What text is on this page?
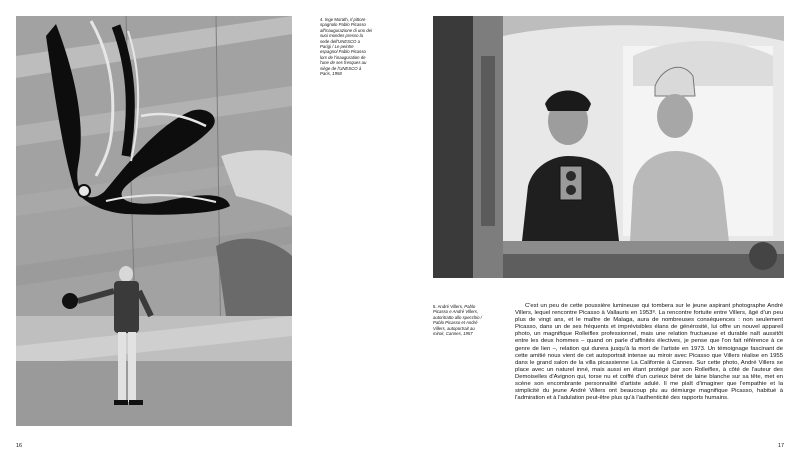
4. Inge Morath, Il pittore spagnolo Pablo Picasso all'inaugurazione di uno dei suoi mondes presso la sede dell'UNESCO a Parigi / Le peintre espagnol Pablo Picasso lors de l'inauguration de l'une de ses fresques au siège de l'UNESCO à Paris, 1958
5. André Villers, Pablo Picasso e André Villers, autoritratto allo specchio / Pablo Picasso et André Villers, autoportrait au miroir, Cannes, 1957

C'est un peu de cette poussière lumineuse qui tombera sur le jeune aspirant photographe André Villers, lequel rencontre Picasso à Vallauris en 1953⁸. La rencontre fortuite entre Villers, âgé d'un peu plus de vingt ans, et le maître de Malaga, aura de nombreuses conséquences : non seulement Picasso, dans un de ses fréquents et imprévisibles élans de générosité, lui offre un nouvel appareil photo, un magnifique Rolleiflex professionnel, mais une relation fructueuse et durable naît aussitôt entre les deux hommes – quand on parle d'affinités électives, je pense que l'on fait référence à ce genre de lien –, relation qui durera jusqu'à la mort de l'artiste en 1973. Un témoignage fascinant de cette amitié nous vient de cet autoportrait intense au miroir avec Picasso que Villers réalise en 1955 dans le grand salon de la villa picassienne La Californie à Cannes. Sur cette photo, André Villers se place avec un naturel inné, mais aussi en étant protégé par son Rolleiflex, à côté de l'auteur des Demoiselles d'Avignon qui, torse nu et coiffé d'un curieux béret de laine blanche sur sa tête, met en scène son encombrante personnalité d'artiste adulé. Il me plaît d'imaginer que l'empathie et la simplicité du jeune André Villers ont beaucoup plu au démiurge magnifique Picasso, habitué à l'admiration et à l'adulation peut-être plus qu'à l'authenticité des rapports humains.

16	17
